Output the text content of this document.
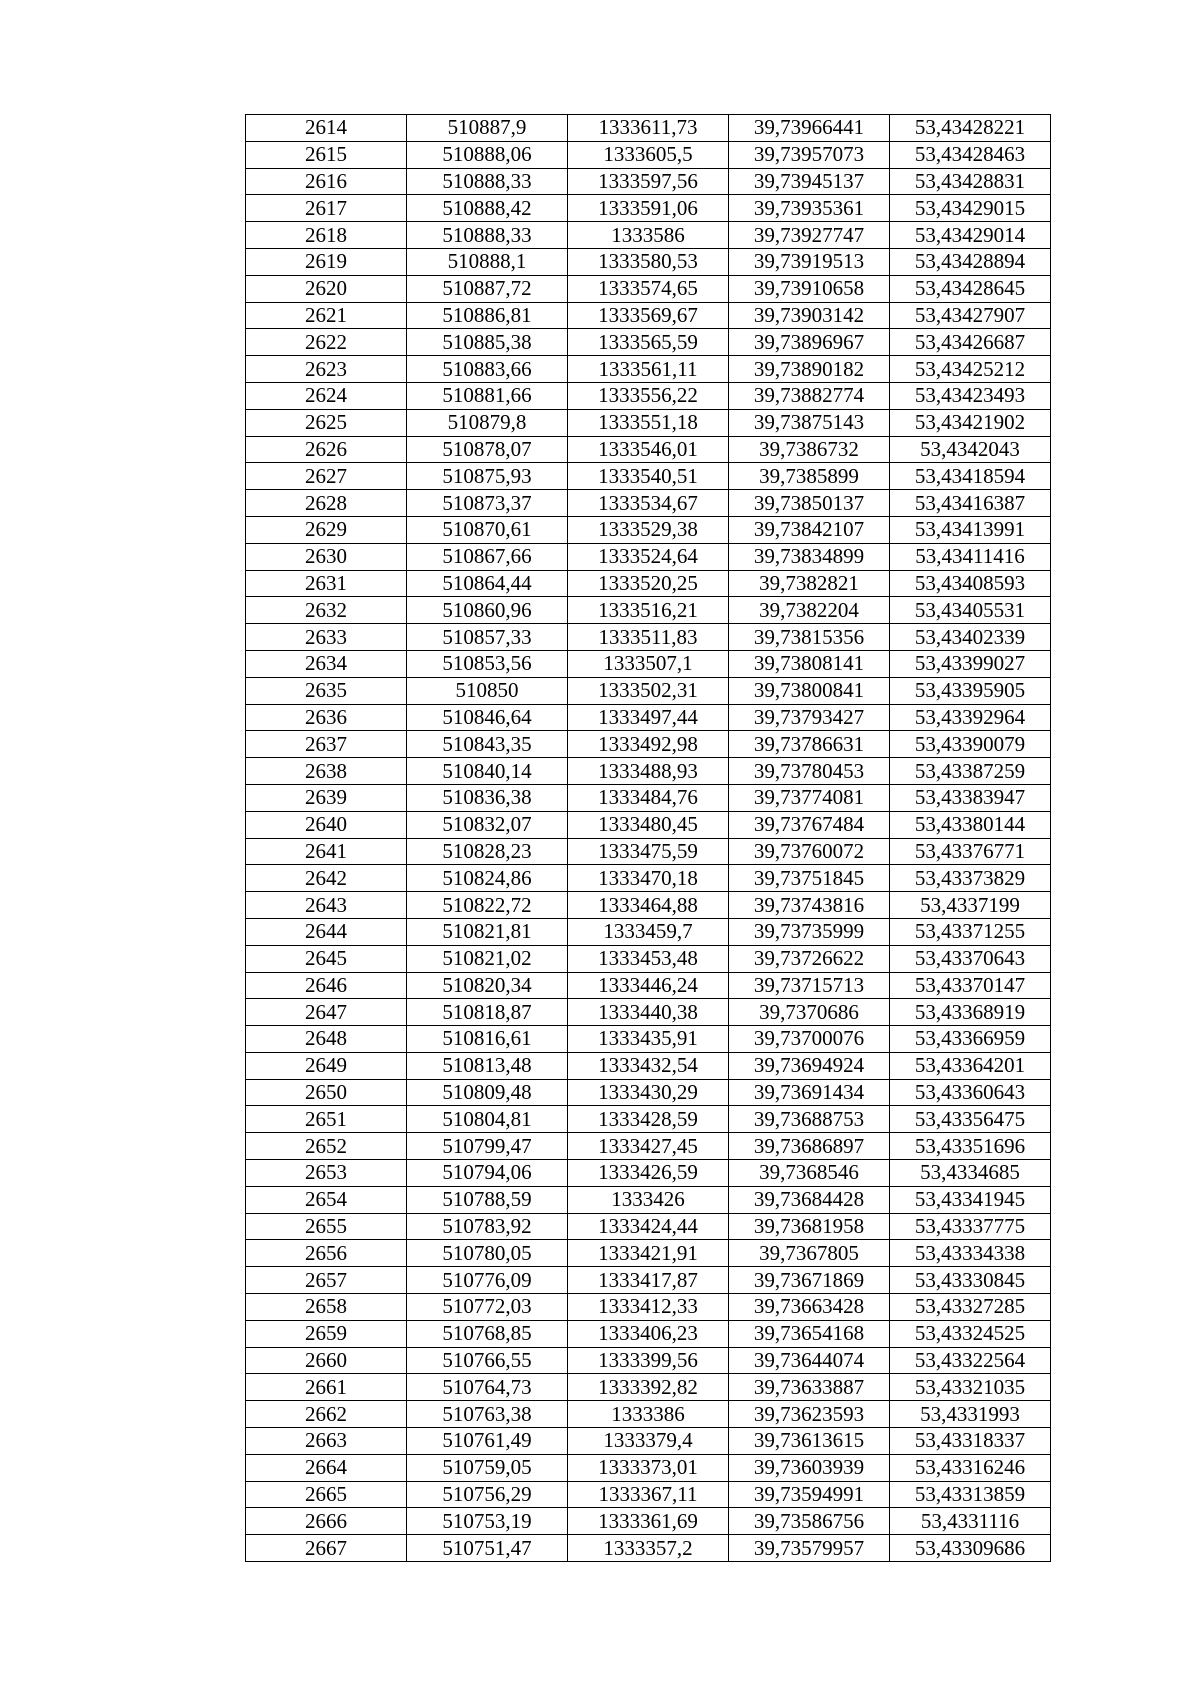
2614	510887,9	1333611,73	39,73966441	53,43428221
2615	510888,06	1333605,5	39,73957073	53,43428463
2616	510888,33	1333597,56	39,73945137	53,43428831
2617	510888,42	1333591,06	39,73935361	53,43429015
2618	510888,33	1333586	39,73927747	53,43429014
2619	510888,1	1333580,53	39,73919513	53,43428894
2620	510887,72	1333574,65	39,73910658	53,43428645
2621	510886,81	1333569,67	39,73903142	53,43427907
2622	510885,38	1333565,59	39,73896967	53,43426687
2623	510883,66	1333561,11	39,73890182	53,43425212
2624	510881,66	1333556,22	39,73882774	53,43423493
2625	510879,8	1333551,18	39,73875143	53,43421902
2626	510878,07	1333546,01	39,7386732	53,4342043
2627	510875,93	1333540,51	39,7385899	53,43418594
2628	510873,37	1333534,67	39,73850137	53,43416387
2629	510870,61	1333529,38	39,73842107	53,43413991
2630	510867,66	1333524,64	39,73834899	53,43411416
2631	510864,44	1333520,25	39,7382821	53,43408593
2632	510860,96	1333516,21	39,7382204	53,43405531
2633	510857,33	1333511,83	39,73815356	53,43402339
2634	510853,56	1333507,1	39,73808141	53,43399027
2635	510850	1333502,31	39,73800841	53,43395905
2636	510846,64	1333497,44	39,73793427	53,43392964
2637	510843,35	1333492,98	39,73786631	53,43390079
2638	510840,14	1333488,93	39,73780453	53,43387259
2639	510836,38	1333484,76	39,73774081	53,43383947
2640	510832,07	1333480,45	39,73767484	53,43380144
2641	510828,23	1333475,59	39,73760072	53,43376771
2642	510824,86	1333470,18	39,73751845	53,43373829
2643	510822,72	1333464,88	39,73743816	53,4337199
2644	510821,81	1333459,7	39,73735999	53,43371255
2645	510821,02	1333453,48	39,73726622	53,43370643
2646	510820,34	1333446,24	39,73715713	53,43370147
2647	510818,87	1333440,38	39,7370686	53,43368919
2648	510816,61	1333435,91	39,73700076	53,43366959
2649	510813,48	1333432,54	39,73694924	53,43364201
2650	510809,48	1333430,29	39,73691434	53,43360643
2651	510804,81	1333428,59	39,73688753	53,43356475
2652	510799,47	1333427,45	39,73686897	53,43351696
2653	510794,06	1333426,59	39,7368546	53,4334685
2654	510788,59	1333426	39,73684428	53,43341945
2655	510783,92	1333424,44	39,73681958	53,43337775
2656	510780,05	1333421,91	39,7367805	53,43334338
2657	510776,09	1333417,87	39,73671869	53,43330845
2658	510772,03	1333412,33	39,73663428	53,43327285
2659	510768,85	1333406,23	39,73654168	53,43324525
2660	510766,55	1333399,56	39,73644074	53,43322564
2661	510764,73	1333392,82	39,73633887	53,43321035
2662	510763,38	1333386	39,73623593	53,4331993
2663	510761,49	1333379,4	39,73613615	53,43318337
2664	510759,05	1333373,01	39,73603939	53,43316246
2665	510756,29	1333367,11	39,73594991	53,43313859
2666	510753,19	1333361,69	39,73586756	53,4331116
2667	510751,47	1333357,2	39,73579957	53,43309686
